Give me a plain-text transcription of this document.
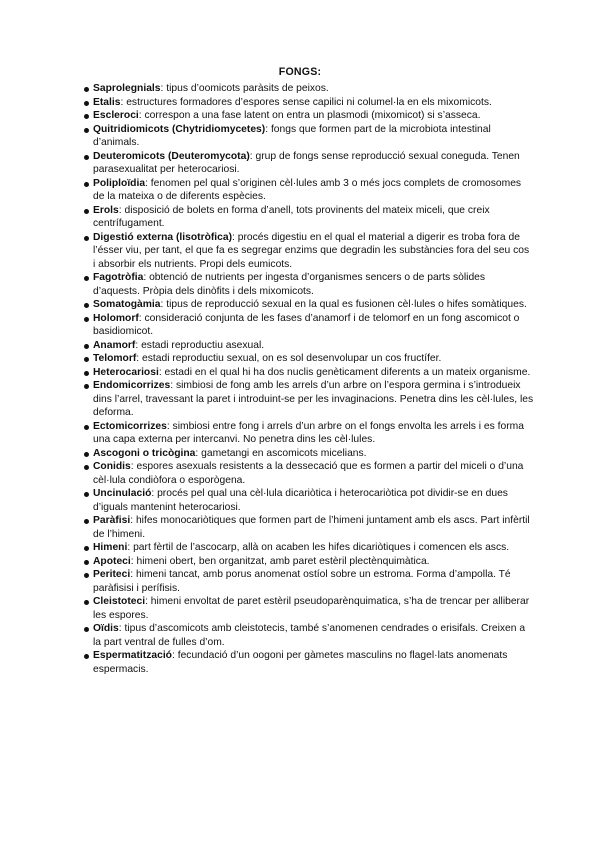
FONGS:
Saprolegnials: tipus d’oomicots paràsits de peixos.
Etalis: estructures formadores d’espores sense capilici ni columel·la en els mixomicots.
Escleroci: correspon a una fase latent on entra un plasmodi (mixomicot) si s’asseca.
Quitridiomicots (Chytridiomycetes): fongs que formen part de la microbiota intestinal d’animals.
Deuteromicots (Deuteromycota): grup de fongs sense reproducció sexual coneguda. Tenen parasexualitat per heterocariosi.
Poliploïdia: fenomen pel qual s’originen cèl·lules amb 3 o més jocs complets de cromosomes de la mateixa o de diferents espècies.
Erols: disposició de bolets en forma d’anell, tots provinents del mateix miceli, que creix centrífugament.
Digestió externa (lisotròfica): procés digestiu en el qual el material a digerir es troba fora de l’ésser viu, per tant, el que fa es segregar enzims que degradin les substàncies fora del seu cos i absorbir els nutrients. Propi dels eumicots.
Fagotròfia: obtenció de nutrients per ingesta d’organismes sencers o de parts sòlides d’aquests. Pròpia dels dinòfits i dels mixomicots.
Somatogàmia: tipus de reproducció sexual en la qual es fusionen cèl·lules o hifes somàtiques.
Holomorf: consideració conjunta de les fases d’anamorf i de telomorf en un fong ascomicot o basidiomicot.
Anamorf: estadi reproductiu asexual.
Telomorf: estadi reproductiu sexual, on es sol desenvolupar un cos fructífer.
Heterocariosi: estadi en el qual hi ha dos nuclis genèticament diferents a un mateix organisme.
Endomicorrizes: simbiosi de fong amb les arrels d’un arbre on l’espora germina i s’introdueix dins l’arrel, travessant la paret i introduint-se per les invaginacions. Penetra dins les cèl·lules, les deforma.
Ectomicorrizes: simbiosi entre fong i arrels d’un arbre on el fongs envolta les arrels i es forma una capa externa per intercanvi. No penetra dins les cèl·lules.
Ascogoni o tricògina: gametangi en ascomicots micelians.
Conidis: espores asexuals resistents a la dessecació que es formen a partir del miceli o d’una cèl·lula condiòfora o esporògena.
Uncinulació: procés pel qual una cèl·lula dicariòtica i heterocariòtica pot dividir-se en dues d’iguals mantenint heterocariosi.
Paràfisi: hifes monocariòtiques que formen part de l’himeni juntament amb els ascs. Part infèrtil de l’himeni.
Himeni: part fèrtil de l’ascocarp, allà on acaben les hifes dicariòtiques i comencen els ascs.
Apoteci: himeni obert, ben organitzat, amb paret estèril plectènquimàtica.
Periteci: himeni tancat, amb porus anomenat ostíol sobre un estroma. Forma d’ampolla. Té paràfisisi i perífisis.
Cleistoteci: himeni envoltat de paret estèril pseudoparènquimatica, s’ha de trencar per alliberar les espores.
Oïdis: tipus d’ascomicots amb cleistotecis, també s’anomenen cendrades o erisifals. Creixen a la part ventral de fulles d’om.
Espermatització: fecundació d’un oogoni per gàmetes masculins no flagel·lats anomenats espermacis.
